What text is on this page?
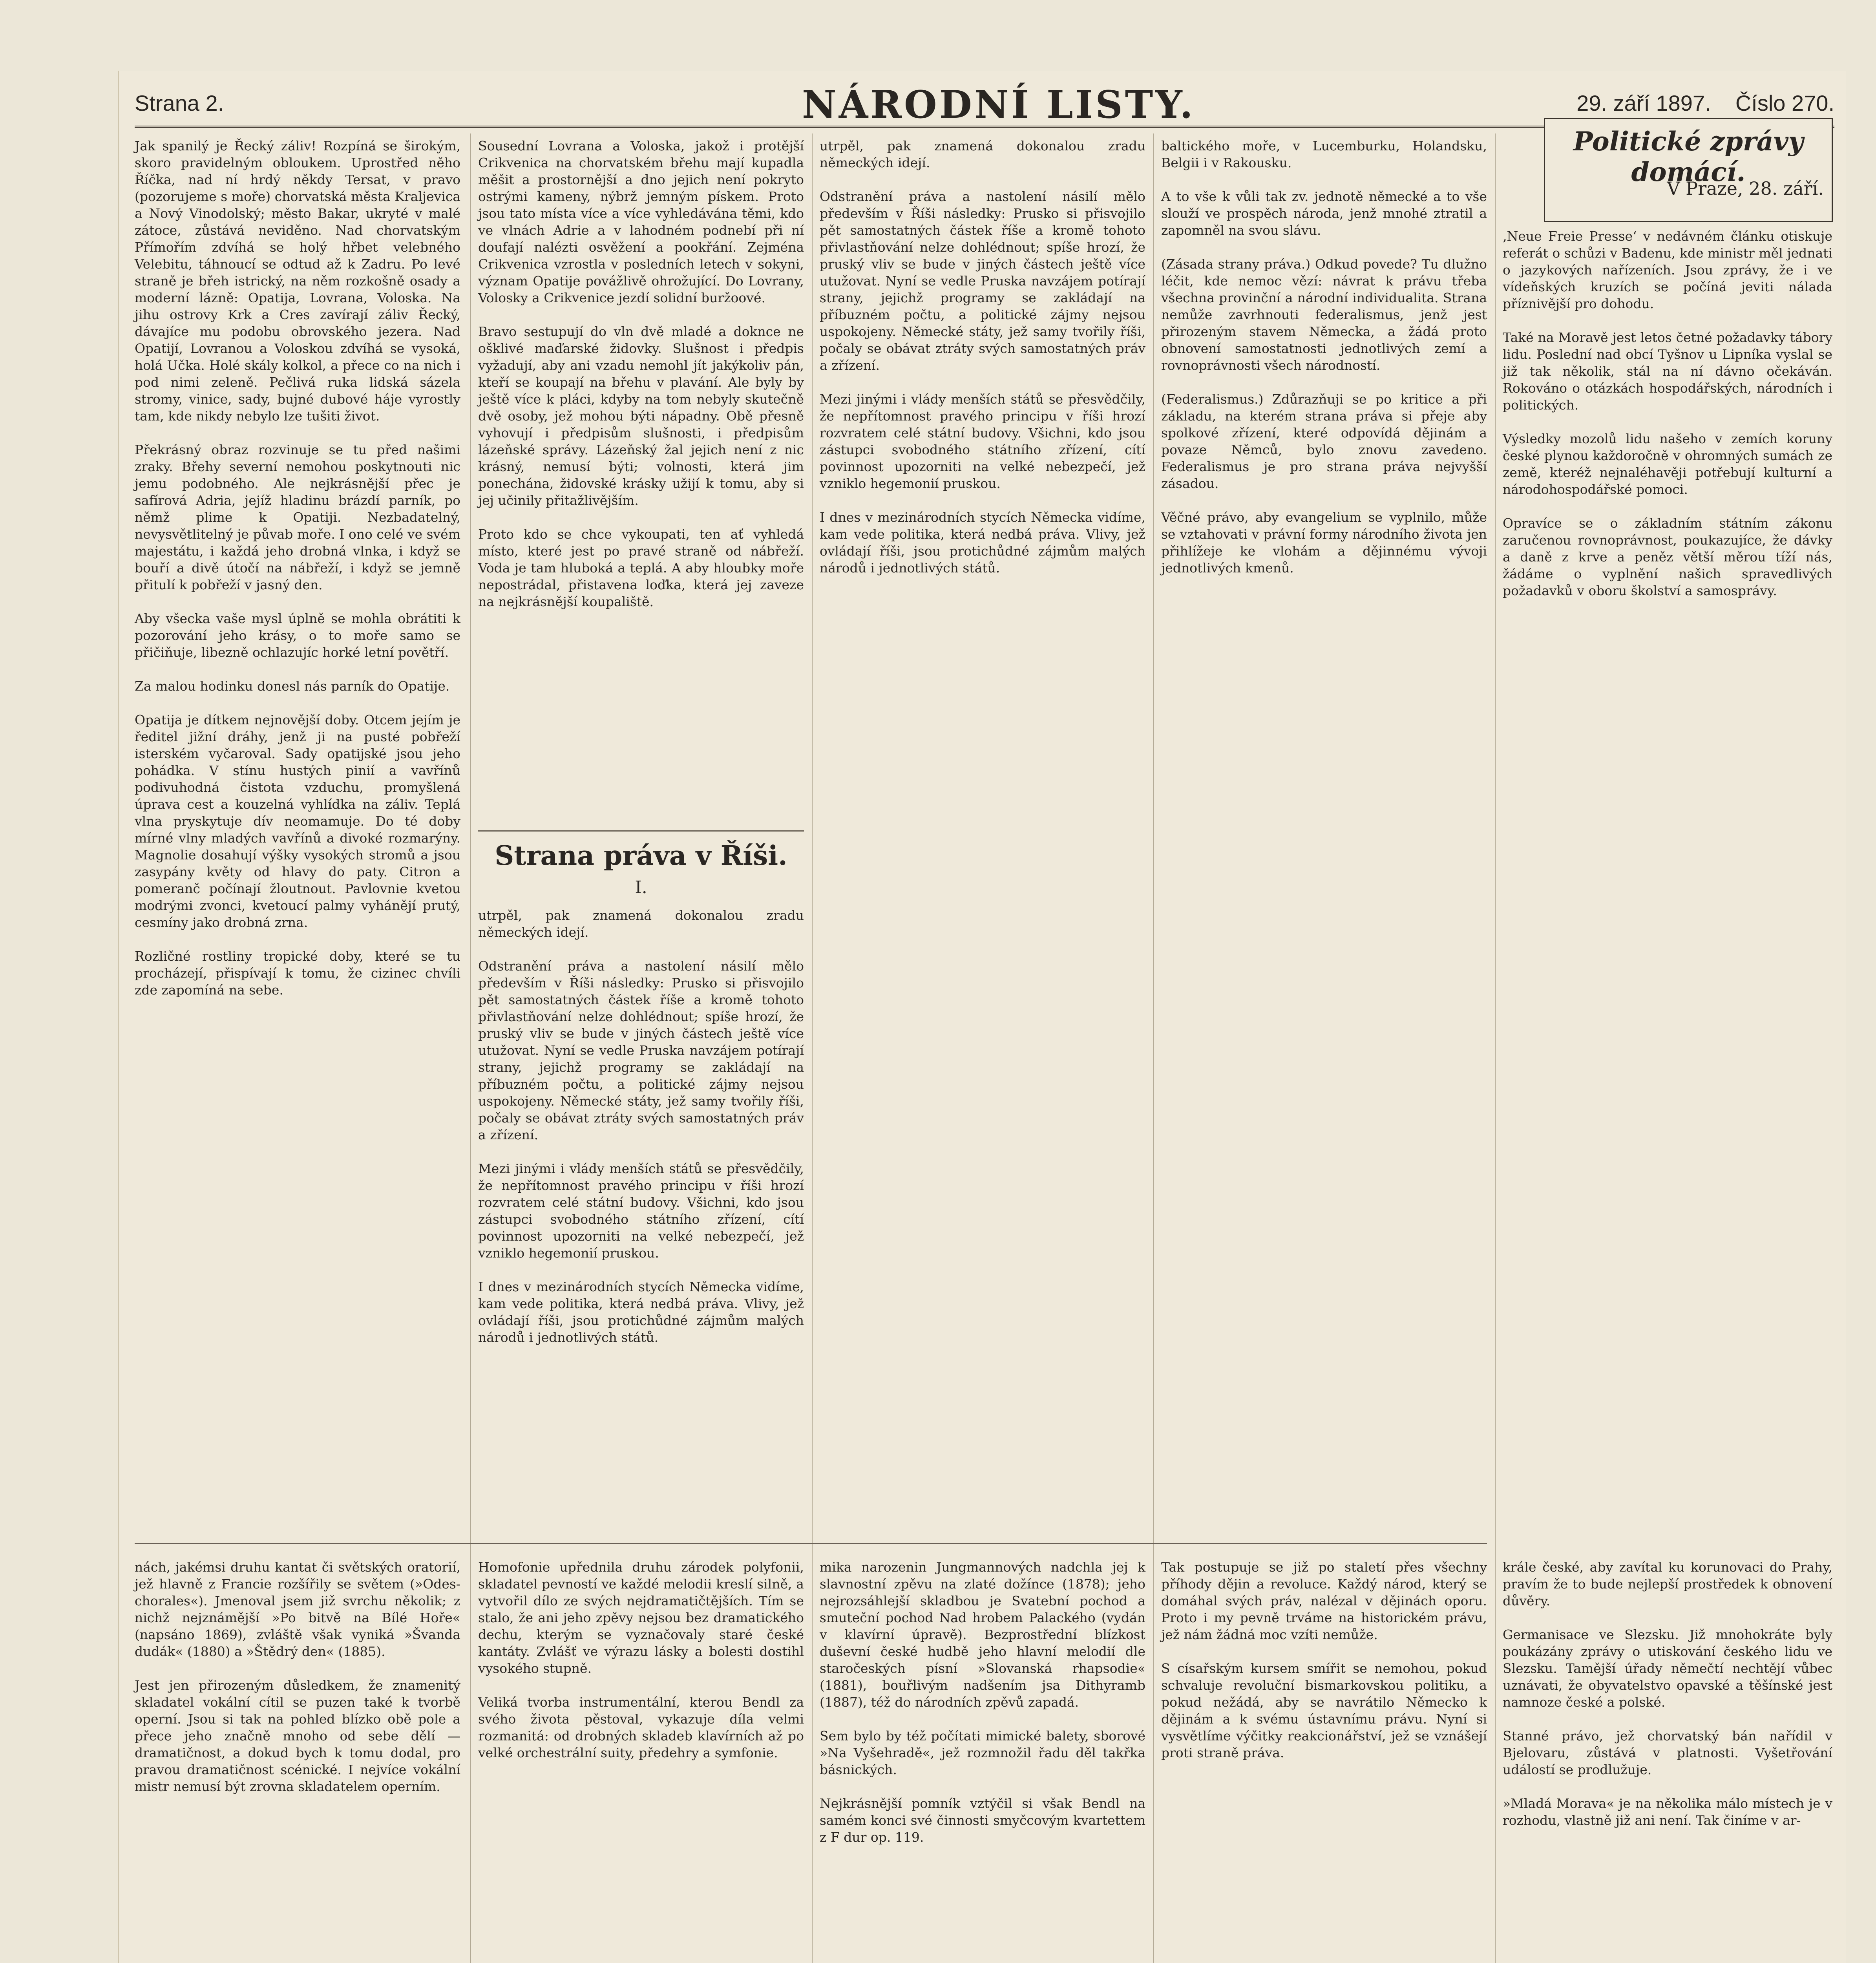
Strana 2.	NÁRODNÍ LISTY.	29. září 1897. Číslo 270.
Jak spanilý je Řecký záliv! Rozpíná se širokým, skoro pravidelným obloukem. Uprostřed něho Říčka, nad ní hrdý někdy Tersat, v pravo (pozorujeme s moře) chorvatská města Kraljevica a Nový Vinodolský; město Bakar, ukryté v malé zátoce, zůstává neviděno. Nad chorvatským Přímořím zdvíhá se holý hřbet velebného Velebitu, táhnoucí se odtud až k Zadru. Po levé straně je břeh istrický, na něm rozkošně osady a moderní lázně: Opatija, Lovrana, Voloska. Na jihu ostrovy Krk a Cres zavírají záliv Řecký, dávajíce mu podobu obrovského jezera. Nad Opatijí, Lovranou a Voloskou zdvíhá se vysoká, holá Učka. Holé skály kolkol, a přece co na nich i pod nimi zeleně. Pečlivá ruka lidská sázela stromy, vinice, sady, bujné dubové háje vyrostly tam, kde nikdy nebylo lze tušiti život.

Překrásný obraz rozvinuje se tu před našimi zraky. Břehy severní nemohou poskytnouti nic jemu podobného. Ale nejkrásnější přec je safírová Adria, jejíž hladinu brázdí parník, po němž plime k Opatiji. Nezbadatelný, nevysvětlitelný je půvab moře. I ono celé ve svém majestátu, i každá jeho drobná vlnka, i když se bouří a divě útočí na nábřeží, i když se jemně přitulí k pobřeží v jasný den.

Aby všecka vaše mysl úplně se mohla obrátiti k pozorování jeho krásy, o to moře samo se přičiňuje, libezně ochlazujíc horké letní povětří.

Za malou hodinku donesl nás parník do Opatije.

Opatija je dítkem nejnovější doby. Otcem jejím je ředitel jižní dráhy, jenž ji na pusté pobřeží isterském vyčaroval. Sady opatijské jsou jeho pohádka. V stínu hustých pinií a vavřínů podivuhodná čistota vzduchu, promyšlená úprava cest a kouzelná vyhlídka na záliv. Teplá vlna pryskytuje dív neomamuje. Do té doby mírné vlny mladých vavřínů a divoké rozmarýny. Magnolie dosahují výšky vysokých stromů a jsou zasypány květy od hlavy do paty. Citron a pomeranč počínají žloutnout. Pavlovnie kvetou modrými zvonci, kvetoucí palmy vyhánějí prutý, cesmíny jako drobná zrna.

Rozličné rostliny tropické doby, které se tu procházejí, přispívají k tomu, že cizinec chvíli zde zapomíná na sebe.
Sousední Lovrana a Voloska, jakož i protější Crikvenica na chorvatském břehu mají kupadla měšit a prostornější a dno jejich není pokryto ostrými kameny, nýbrž jemným pískem. Proto jsou tato místa více a více vyhledávána těmi, kdo ve vlnách Adrie a v lahodném podnebí při ní doufají nalézti osvěžení a pookřání. Zejména Crikvenica vzrostla v posledních letech v sokyni, význam Opatije povážlivě ohrožující. Do Lovrany, Volosky a Crikvenice jezdí solidní buržoové.

Bravo sestupují do vln dvě mladé a doknce ne ošklivé maďarské židovky. Slušnost i předpis vyžadují, aby ani vzadu nemohl jít jakýkoliv pán, kteří se koupají na břehu v plavání. Ale byly by ještě více k pláci, kdyby na tom nebyly skutečně dvě osoby, jež mohou býti nápadny. Obě přesně vyhovují i předpisům slušnosti, i předpisům lázeňské správy. Lázeňský žal jejich není z nic krásný, nemusí býti; volnosti, která jim ponechána, židovské krásky užijí k tomu, aby si jej učinily přitažlivějším.

Proto kdo se chce vykoupati, ten ať vyhledá místo, které jest po pravé straně od nábřeží. Voda je tam hluboká a teplá. A aby hloubky moře nepostrádal, přistavena loďka, která jej zaveze na nejkrásnější koupaliště.
Strana práva v Říši.
I.
utrpěl, pak znamená dokonalou zradu německých idejí.

Odstranění práva a nastolení násilí mělo především v Říši následky: Prusko si přisvojilo pět samostatných částek říše a kromě tohoto přivlastňování nelze dohlédnout; spíše hrozí, že pruský vliv se bude v jiných částech ještě více utužovat. Nyní se vedle Pruska navzájem potírají strany, jejichž programy se zakládají na příbuzném počtu, a politické zájmy nejsou uspokojeny. Německé státy, jež samy tvořily říši, počaly se obávat ztráty svých samostatných práv a zřízení.

Mezi jinými i vlády menších států se přesvědčily, že nepřítomnost pravého principu v říši hrozí rozvratem celé státní budovy. Všichni, kdo jsou zástupci svobodného státního zřízení, cítí povinnost upozorniti na velké nebezpečí, jež vzniklo hegemonií pruskou.

I dnes v mezinárodních stycích Německa vidíme, kam vede politika, která nedbá práva. Vlivy, jež ovládají říši, jsou protichůdné zájmům malých národů i jednotlivých států.
utrpěl, pak znamená dokonalou zradu německých idejí.

Odstranění práva a nastolení násilí mělo především v Říši následky: Prusko si přisvojilo pět samostatných částek říše a kromě tohoto přivlastňování nelze dohlédnout; spíše hrozí, že pruský vliv se bude v jiných částech ještě více utužovat. Nyní se vedle Pruska navzájem potírají strany, jejichž programy se zakládají na příbuzném počtu, a politické zájmy nejsou uspokojeny. Německé státy, jež samy tvořily říši, počaly se obávat ztráty svých samostatných práv a zřízení.

Mezi jinými i vlády menších států se přesvědčily, že nepřítomnost pravého principu v říši hrozí rozvratem celé státní budovy. Všichni, kdo jsou zástupci svobodného státního zřízení, cítí povinnost upozorniti na velké nebezpečí, jež vzniklo hegemonií pruskou.

I dnes v mezinárodních stycích Německa vidíme, kam vede politika, která nedbá práva. Vlivy, jež ovládají říši, jsou protichůdné zájmům malých národů i jednotlivých států.
baltického moře, v Lucemburku, Holandsku, Belgii i v Rakousku.

A to vše k vůli tak zv. jednotě německé a to vše slouží ve prospěch národa, jenž mnohé ztratil a zapomněl na svou slávu.

(Zásada strany práva.) Odkud povede? Tu dlužno léčit, kde nemoc vězí: návrat k právu třeba všechna provinční a národní individualita. Strana nemůže zavrhnouti federalismus, jenž jest přirozeným stavem Německa, a žádá proto obnovení samostatnosti jednotlivých zemí a rovnoprávnosti všech národností.

(Federalismus.) Zdůrazňuji se po kritice a při základu, na kterém strana práva si přeje aby spolkové zřízení, které odpovídá dějinám a povaze Němců, bylo znovu zavedeno. Federalismus je pro strana práva nejvyšší zásadou.

Věčné právo, aby evangelium se vyplnilo, může se vztahovati v právní formy národního života jen přihlížeje ke vlohám a dějinnému vývoji jednotlivých kmenů.
Politické zprávy domácí.
V Praze, 28. září.
‚Neue Freie Presse‘ v nedávném článku otiskuje referát o schůzi v Badenu, kde ministr měl jednati o jazykových nařízeních. Jsou zprávy, že i ve vídeňských kruzích se počíná jeviti nálada příznivější pro dohodu.

Také na Moravě jest letos četné požadavky tábory lidu. Poslední nad obcí Tyšnov u Lipníka vyslal se již tak několik, stál na ní dávno očekáván. Rokováno o otázkách hospodářských, národních i politických.

Výsledky mozolů lidu našeho v zemích koruny české plynou každoročně v ohromných sumách ze země, kteréž nejnaléhavěji potřebují kulturní a národohospodářské pomoci.

Opravíce se o základním státním zákonu zaručenou rovnoprávnost, poukazujíce, že dávky a daně z krve a peněz větší měrou tíží nás, žádáme o vyplnění našich spravedlivých požadavků v oboru školství a samosprávy.
nách, jakémsi druhu kantat či světských oratorií, jež hlavně z Francie rozšířily se světem (»Odes-chorales«). Jmenoval jsem již svrchu několik; z nichž nejznámější »Po bitvě na Bílé Hoře« (napsáno 1869), zvláště však vyniká »Švanda dudák« (1880) a »Štědrý den« (1885).

Jest jen přirozeným důsledkem, že znamenitý skladatel vokální cítil se puzen také k tvorbě operní. Jsou si tak na pohled blízko obě pole a přece jeho značně mnoho od sebe dělí — dramatičnost, a dokud bych k tomu dodal, pro pravou dramatičnost scénické. I nejvíce vokální mistr nemusí být zrovna skladatelem operním.
Homofonie upřednila druhu zárodek polyfonii, skladatel pevností ve každé melodii kreslí silně, a vytvořil dílo ze svých nejdramatičtějších. Tím se stalo, že ani jeho zpěvy nejsou bez dramatického dechu, kterým se vyznačovaly staré české kantáty. Zvlášť ve výrazu lásky a bolesti dostihl vysokého stupně.

Veliká tvorba instrumentální, kterou Bendl za svého života pěstoval, vykazuje díla velmi rozmanitá: od drobných skladeb klavírních až po velké orchestrální suity, předehry a symfonie.
mika narozenin Jungmannových nadchla jej k slavnostní zpěvu na zlaté dožínce (1878); jeho nejrozsáhlejší skladbou je Svatební pochod a smuteční pochod Nad hrobem Palackého (vydán v klavírní úpravě). Bezprostřední blízkost duševní české hudbě jeho hlavní melodií dle staročeských písní »Slovanská rhapsodie« (1881), bouřlivým nadšením jsa Dithyramb (1887), též do národních zpěvů zapadá.

Sem bylo by též počítati mimické balety, sborové »Na Vyšehradě«, jež rozmnožil řadu děl takřka básnických.

Nejkrásnější pomník vztýčil si však Bendl na samém konci své činnosti smyčcovým kvartettem z F dur op. 119.
Tak postupuje se již po staletí přes všechny příhody dějin a revoluce. Každý národ, který se domáhal svých práv, nalézal v dějinách oporu. Proto i my pevně trváme na historickém právu, jež nám žádná moc vzíti nemůže.

S císařským kursem smířit se nemohou, pokud schvaluje revoluční bismarkovskou politiku, a pokud nežádá, aby se navrátilo Německo k dějinám a k svému ústavnímu právu. Nyní si vysvětlíme výčitky reakcionářství, jež se vznášejí proti straně práva.
krále české, aby zavítal ku korunovaci do Prahy, pravím že to bude nejlepší prostředek k obnovení důvěry.

Germanisace ve Slezsku. Již mnohokráte byly poukázány zprávy o utiskování českého lidu ve Slezsku. Tamější úřady němečtí nechtějí vůbec uznávati, že obyvatelstvo opavské a těšínské jest namnoze české a polské.

Stanné právo, jež chorvatský bán nařídil v Bjelovaru, zůstává v platnosti. Vyšetřování událostí se prodlužuje.

»Mladá Morava« je na několika málo místech je v rozhodu, vlastně již ani není. Tak činíme v ar-
